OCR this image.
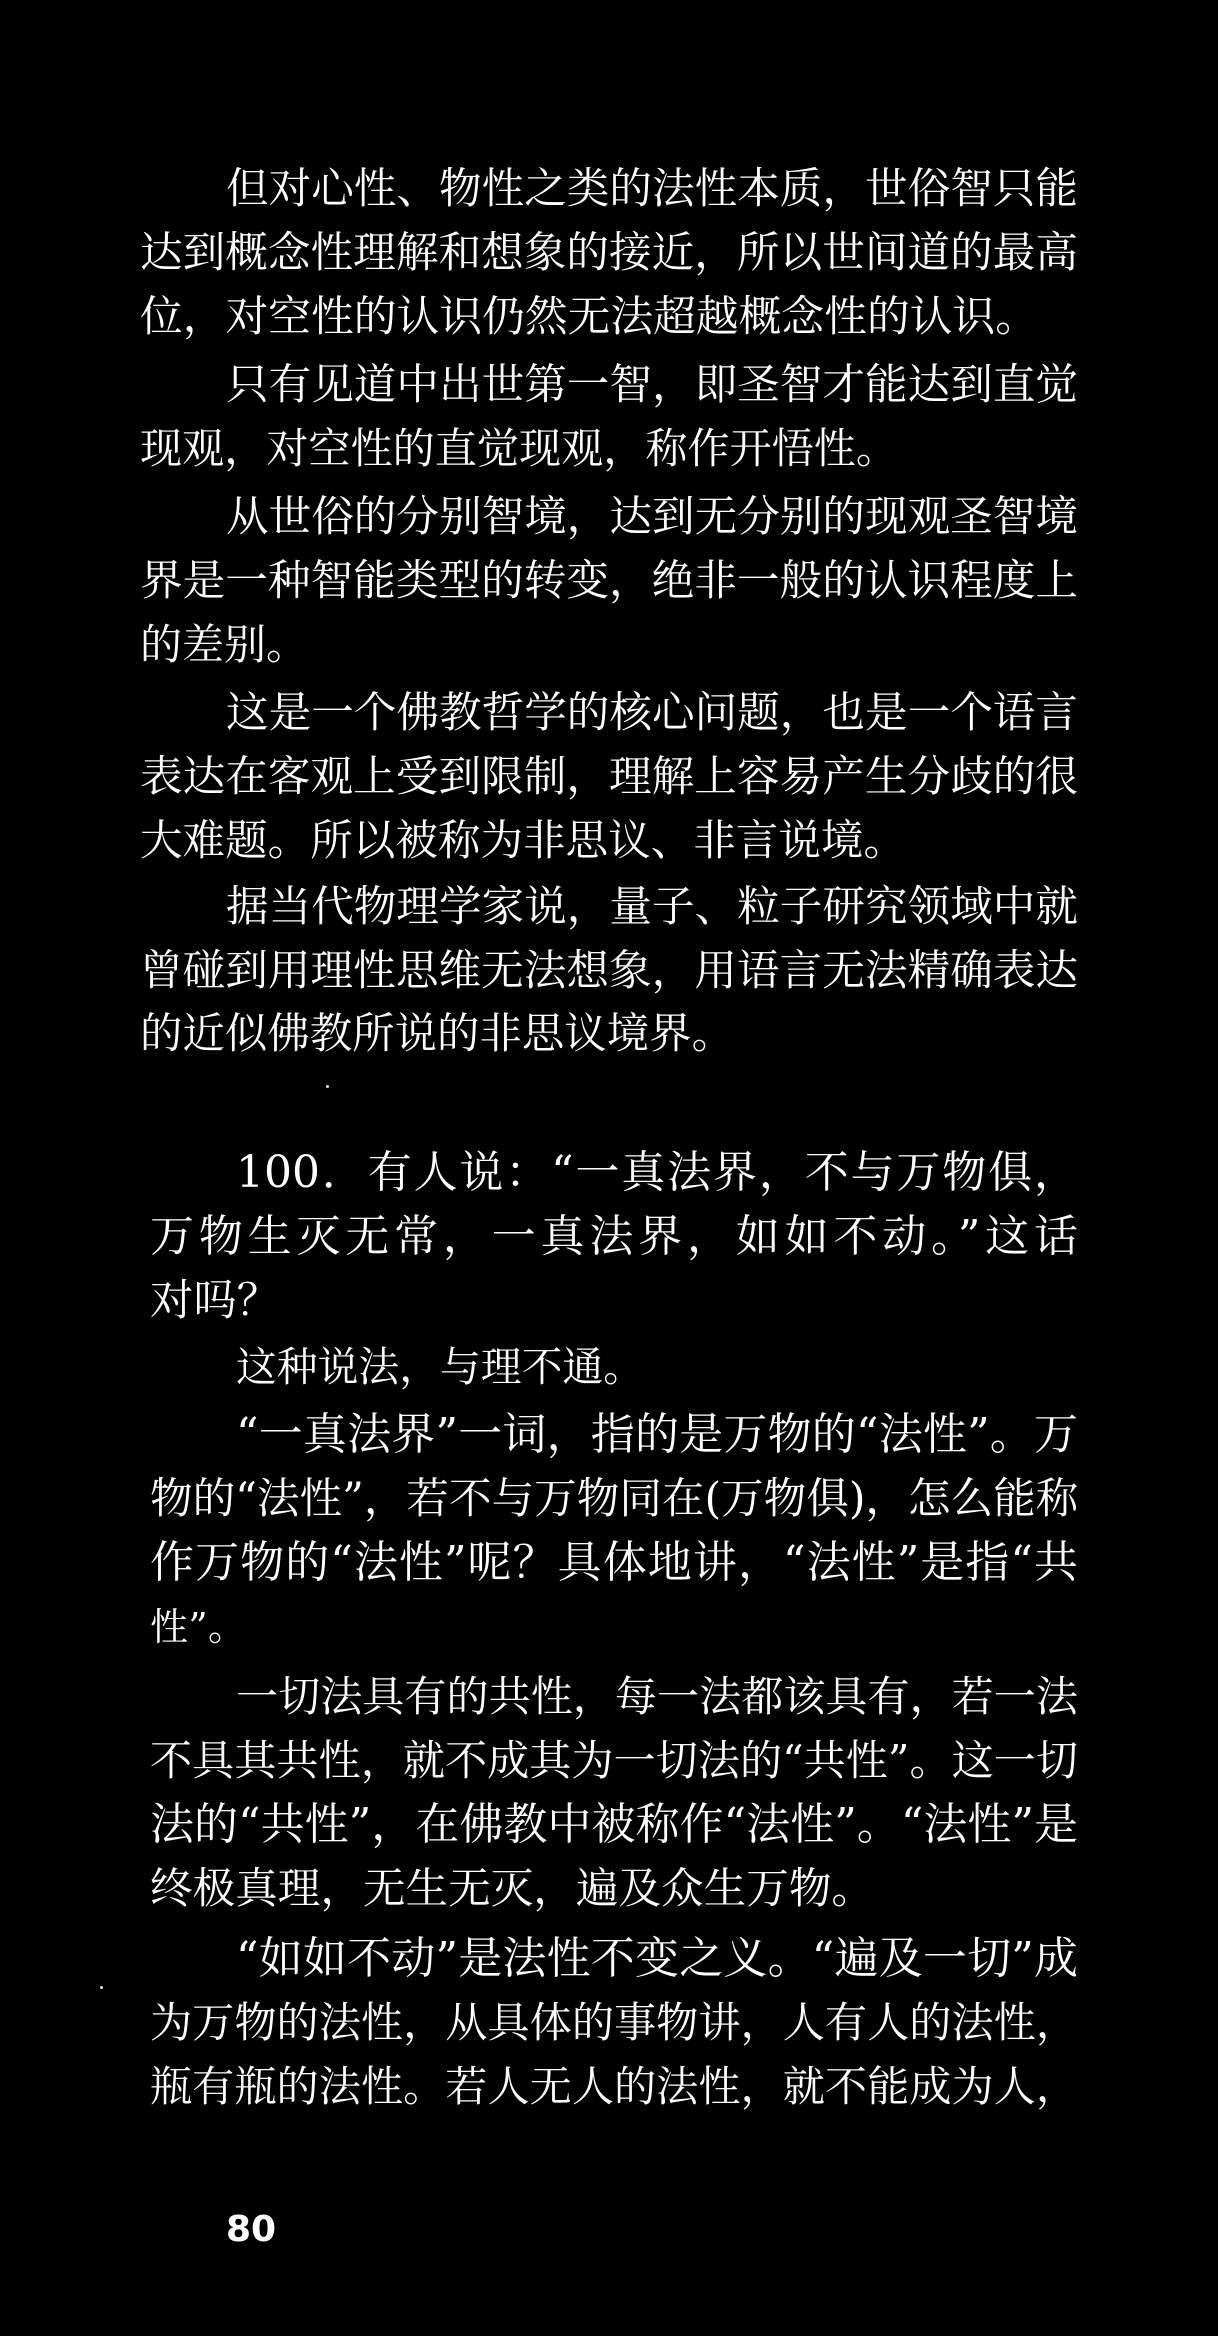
但对心性、物性之类的法性本质，世俗智只能
达到概念性理解和想象的接近，所以世间道的最高
位，对空性的认识仍然无法超越概念性的认识。
只有见道中出世第一智，即圣智才能达到直觉
现观，对空性的直觉现观，称作开悟性。
从世俗的分别智境，达到无分别的现观圣智境
界是一种智能类型的转变，绝非一般的认识程度上
的差别。
这是一个佛教哲学的核心问题，也是一个语言
表达在客观上受到限制，理解上容易产生分歧的很
大难题。所以被称为非思议、非言说境。
据当代物理学家说，量子、粒子研究领域中就
曾碰到用理性思维无法想象，用语言无法精确表达
的近似佛教所说的非思议境界。
100．有人说：“一真法界，不与万物俱，
万物生灭无常，一真法界，如如不动。”这话
对吗？
这种说法，与理不通。
“一真法界”一词，指的是万物的“法性”。万
物的“法性”，若不与万物同在(万物俱)，怎么能称
作万物的“法性”呢？具体地讲，“法性”是指“共
性”。
一切法具有的共性，每一法都该具有，若一法
不具其共性，就不成其为一切法的“共性”。这一切
法的“共性”，在佛教中被称作“法性”。“法性”是
终极真理，无生无灭，遍及众生万物。
“如如不动”是法性不变之义。“遍及一切”成
为万物的法性，从具体的事物讲，人有人的法性，
瓶有瓶的法性。若人无人的法性，就不能成为人，
80
